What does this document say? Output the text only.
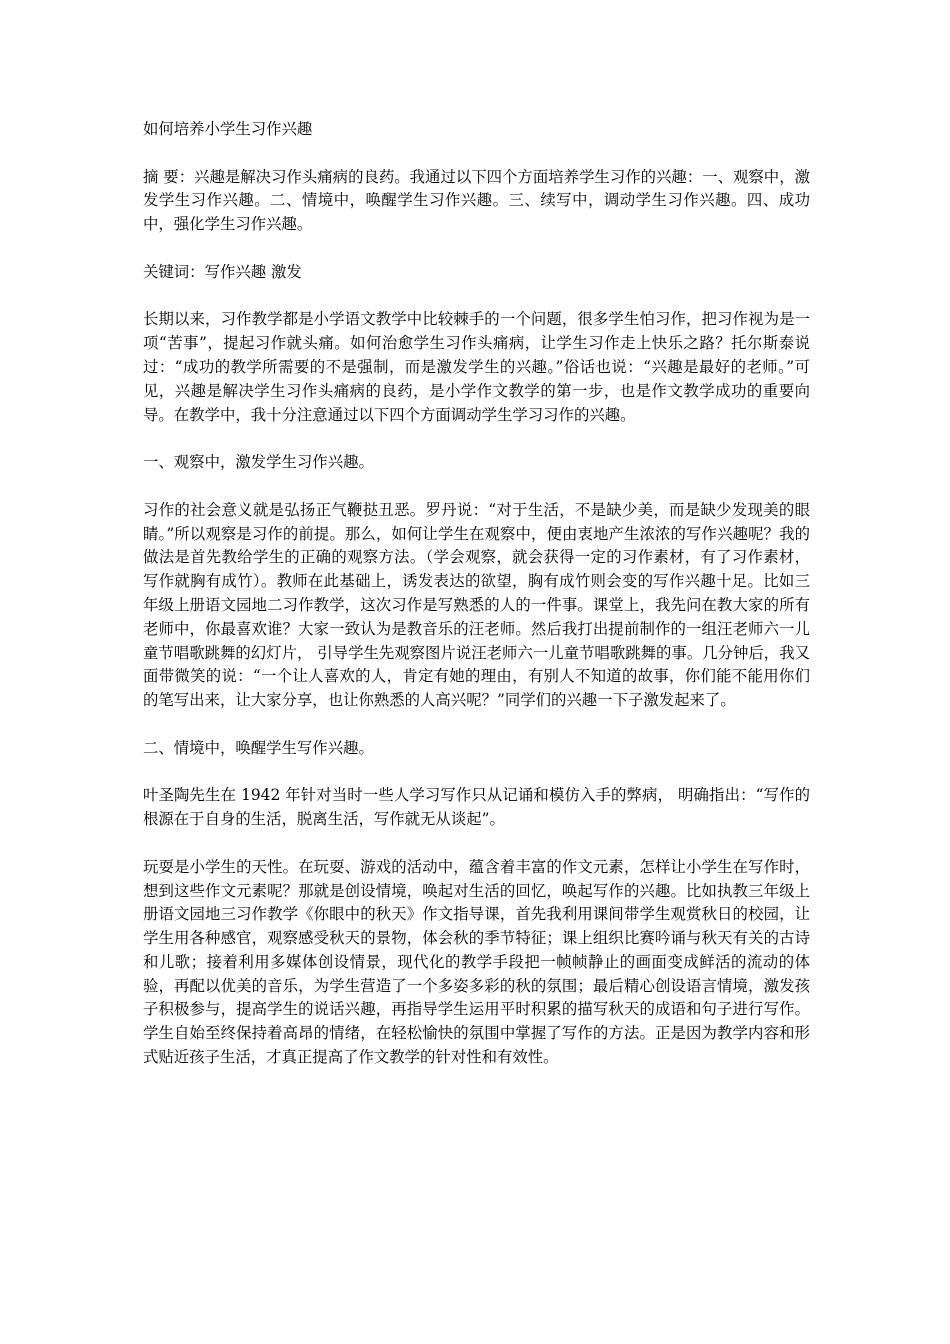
如何培养小学生习作兴趣

摘 要：兴趣是解决习作头痛病的良药。我通过以下四个方面培养学生习作的兴趣：一、观察中，激发学生习作兴趣。二、情境中，唤醒学生习作兴趣。三、续写中，调动学生习作兴趣。四、成功中，强化学生习作兴趣。

关键词：写作兴趣 激发

长期以来，习作教学都是小学语文教学中比较棘手的一个问题，很多学生怕习作，把习作视为是一项“苦事”，提起习作就头痛。如何治愈学生习作头痛病，让学生习作走上快乐之路？托尔斯泰说过：“成功的教学所需要的不是强制，而是激发学生的兴趣。”俗话也说：“兴趣是最好的老师。”可见，兴趣是解决学生习作头痛病的良药，是小学作文教学的第一步，也是作文教学成功的重要向导。在教学中，我十分注意通过以下四个方面调动学生学习习作的兴趣。

一、观察中，激发学生习作兴趣。

习作的社会意义就是弘扬正气鞭挞丑恶。罗丹说：“对于生活，不是缺少美，而是缺少发现美的眼睛。”所以观察是习作的前提。那么，如何让学生在观察中，便由衷地产生浓浓的写作兴趣呢？我的做法是首先教给学生的正确的观察方法。（学会观察，就会获得一定的习作素材，有了习作素材，写作就胸有成竹）。教师在此基础上，诱发表达的欲望，胸有成竹则会变的写作兴趣十足。比如三年级上册语文园地二习作教学，这次习作是写熟悉的人的一件事。课堂上，我先问在教大家的所有老师中，你最喜欢谁？大家一致认为是教音乐的汪老师。然后我打出提前制作的一组汪老师六一儿童节唱歌跳舞的幻灯片， 引导学生先观察图片说汪老师六一儿童节唱歌跳舞的事。几分钟后，我又面带微笑的说：“一个让人喜欢的人，肯定有她的理由，有别人不知道的故事，你们能不能用你们的笔写出来，让大家分享，也让你熟悉的人高兴呢？”同学们的兴趣一下子激发起来了。

二、情境中，唤醒学生写作兴趣。

叶圣陶先生在 1942 年针对当时一些人学习写作只从记诵和模仿入手的弊病， 明确指出：“写作的根源在于自身的生活，脱离生活，写作就无从谈起”。

玩耍是小学生的天性。在玩耍、游戏的活动中，蕴含着丰富的作文元素，怎样让小学生在写作时，想到这些作文元素呢？那就是创设情境，唤起对生活的回忆，唤起写作的兴趣。比如执教三年级上册语文园地三习作教学《你眼中的秋天》作文指导课，首先我利用课间带学生观赏秋日的校园，让学生用各种感官，观察感受秋天的景物，体会秋的季节特征；课上组织比赛吟诵与秋天有关的古诗和儿歌；接着利用多媒体创设情景，现代化的教学手段把一帧帧静止的画面变成鲜活的流动的体验，再配以优美的音乐，为学生营造了一个多姿多彩的秋的氛围；最后精心创设语言情境，激发孩子积极参与，提高学生的说话兴趣，再指导学生运用平时积累的描写秋天的成语和句子进行写作。学生自始至终保持着高昂的情绪，在轻松愉快的氛围中掌握了写作的方法。正是因为教学内容和形式贴近孩子生活，才真正提高了作文教学的针对性和有效性。
